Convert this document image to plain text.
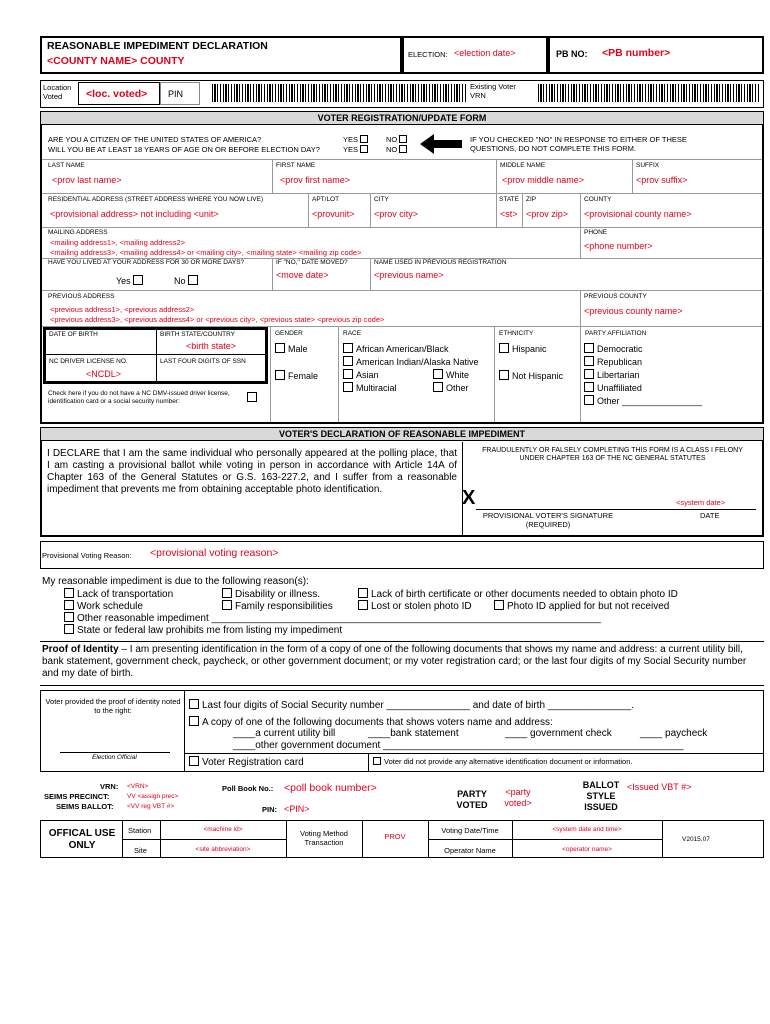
REASONABLE IMPEDIMENT DECLARATION
<COUNTY NAME> COUNTY
ELECTION: <election date>	PB NO: <PB number>
Location Voted	<loc. voted> PIN
Existing Voter VRN
VOTER REGISTRATION/UPDATE FORM
ARE YOU A CITIZEN OF THE UNITED STATES OF AMERICA?
WILL YOU BE AT LEAST 18 YEARS OF AGE ON OR BEFORE ELECTION DAY?
YES	NO
YES	NO
IF YOU CHECKED "NO" IN RESPONSE TO EITHER OF THESE QUESTIONS, DO NOT COMPLETE THIS FORM.
LAST NAME
<prov last name>
FIRST NAME
<prov first name>
MIDDLE NAME
<prov middle name>
SUFFIX
<prov suffix>
RESIDENTIAL ADDRESS (STREET ADDRESS WHERE YOU NOW LIVE)
<provisional address> not including <unit>
APT/LOT
<provunit>
CITY
<prov city>
STATE
<st>
ZIP
<prov zip>
COUNTY
<provisional county name>
MAILING ADDRESS
<mailing address1>, <mailing address2>
<mailing address3>, <mailing address4> or <mailing city>, <mailing state> <mailing zip code>
PHONE
<phone number>
HAVE YOU LIVED AT YOUR ADDRESS FOR 30 OR MORE DAYS?
Yes	No
IF "NO," DATE MOVED?
<move date>
NAME USED IN PREVIOUS REGISTRATION
<previous name>
PREVIOUS ADDRESS
<previous address1>, <previous address2>
<previous address3>, <previous address4> or <previous city>, <previous state> <previous zip code>
PREVIOUS COUNTY
<previous county name>
DATE OF BIRTH	BIRTH STATE/COUNTRY
<birth state>
NC DRIVER LICENSE NO.
<NCDL>
LAST FOUR DIGITS OF SSN
Check here if you do not have a NC DMV-issued driver license, identification card or a social security number:
GENDER
Male
Female
RACE
African American/Black
American Indian/Alaska Native
Asian	White
Multiracial	Other
ETHNICITY
Hispanic
Not Hispanic
PARTY AFFILIATION
Democratic
Republican
Libertarian
Unaffiliated
Other ________________
VOTER'S DECLARATION OF REASONABLE IMPEDIMENT
I DECLARE that I am the same individual who personally appeared at the polling place, that I am casting a provisional ballot while voting in person in accordance with Article 14A of Chapter 163 of the General Statutes or G.S. 163-227.2, and I suffer from a reasonable impediment that prevents me from obtaining acceptable photo identification.
FRAUDULENTLY OR FALSELY COMPLETING THIS FORM IS A CLASS I FELONY UNDER CHAPTER 163 OF THE NC GENERAL STATUTES
X	<system date>
PROVISIONAL VOTER'S SIGNATURE (REQUIRED)
DATE
Provisional Voting Reason: <provisional voting reason>
My reasonable impediment is due to the following reason(s):
Lack of transportation	Disability or illness.	Lack of birth certificate or other documents needed to obtain photo ID
Work schedule	Family responsibilities	Lost or stolen photo ID	Photo ID applied for but not received
Other reasonable impediment ______________________________________________________________________
State or federal law prohibits me from listing my impediment
Proof of Identity – I am presenting identification in the form of a copy of one of the following documents that shows my name and address: a current utility bill, bank statement, government check, paycheck, or other government document; or my voter registration card; or the last four digits of my Social Security number and my date of birth.
Voter provided the proof of identity noted to the right:
Election Official
Last four digits of Social Security number _______________ and date of birth _______________.
A copy of one of the following documents that shows voters name and address:
____a current utility bill	____bank statement	____ government check	____ paycheck
____other government document ______________________________________________________
Voter Registration card	Voter did not provide any alternative identification document or information.
VRN: <VRN>
SEIMS PRECINCT:	VV <assign prec>
SEIMS BALLOT: <VV reg VBT #>
Poll Book No.: <poll book number>
PIN: <PIN>
PARTY VOTED
<party voted>
BALLOT STYLE ISSUED
<Issued VBT #>
OFFICAL USE ONLY
Station	<machine id>
Site	<site abbreviation>
Voting Method Transaction
PROV
Voting Date/Time	<system date and time>
Operator Name	<operator name>
V2015.07
